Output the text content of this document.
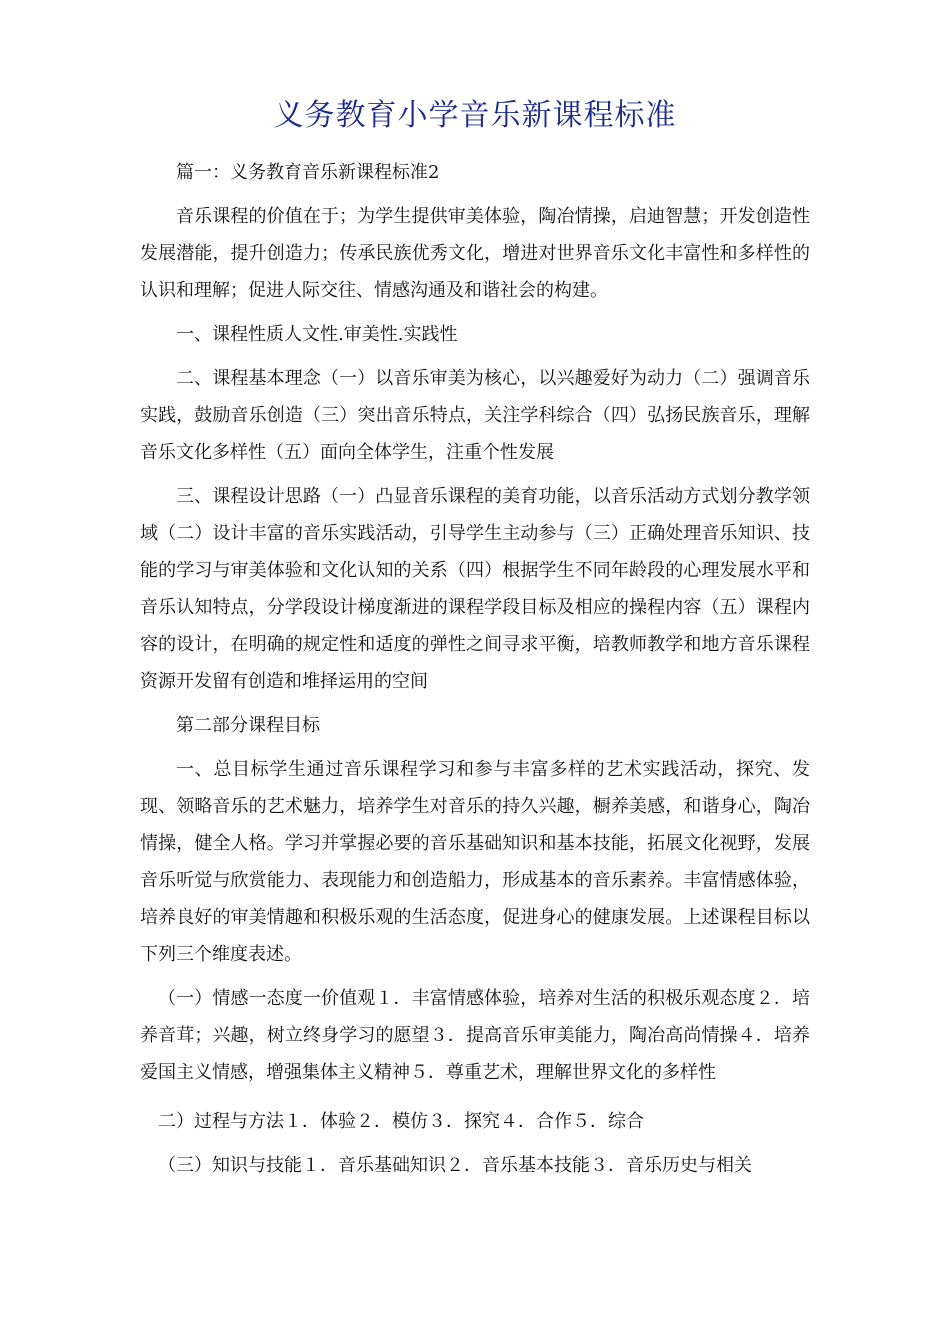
义务教育小学音乐新课程标准

篇一：义务教育音乐新课程标准2

音乐课程的价值在于；为学生提供审美体验，陶冶情操，启迪智慧；开发创造性发展潜能，提升创造力；传承民族优秀文化，增进对世界音乐文化丰富性和多样性的认识和理解；促进人际交往、情感沟通及和谐社会的构建。

一、课程性质人文性.审美性.实践性

二、课程基本理念（一）以音乐审美为核心，以兴趣爱好为动力（二）强调音乐实践，鼓励音乐创造（三）突出音乐特点，关注学科综合（四）弘扬民族音乐，理解音乐文化多样性（五）面向全体学生，注重个性发展

三、课程设计思路（一）凸显音乐课程的美育功能，以音乐活动方式划分教学领域（二）设计丰富的音乐实践活动，引导学生主动参与（三）正确处理音乐知识、技能的学习与审美体验和文化认知的关系（四）根据学生不同年龄段的心理发展水平和音乐认知特点，分学段设计梯度渐进的课程学段目标及相应的操程内容（五）课程内容的设计，在明确的规定性和适度的弹性之间寻求平衡，培教师教学和地方音乐课程资源开发留有创造和堆择运用的空间

第二部分课程目标

一、总目标学生通过音乐课程学习和参与丰富多样的艺术实践活动，探究、发现、领略音乐的艺术魅力，培养学生对音乐的持久兴趣，橱养美感，和谐身心，陶冶情操，健全人格。学习并掌握必要的音乐基础知识和基本技能，拓展文化视野，发展音乐听觉与欣赏能力、表现能力和创造船力，形成基本的音乐素养。丰富情感体验，培养良好的审美情趣和积极乐观的生活态度，促进身心的健康发展。上述课程目标以下列三个维度表述。

（一）情感一态度一价值观１．丰富情感体验，培养对生活的积极乐观态度２．培养音茸；兴趣，树立终身学习的愿望３．提高音乐审美能力，陶冶高尚情操４．培养爱国主义情感，增强集体主义精神５．尊重艺术，理解世界文化的多样性

二）过程与方法１．体验２．模仿３．探究４．合作５．综合

（三）知识与技能１．音乐基础知识２．音乐基本技能３．音乐历史与相关
